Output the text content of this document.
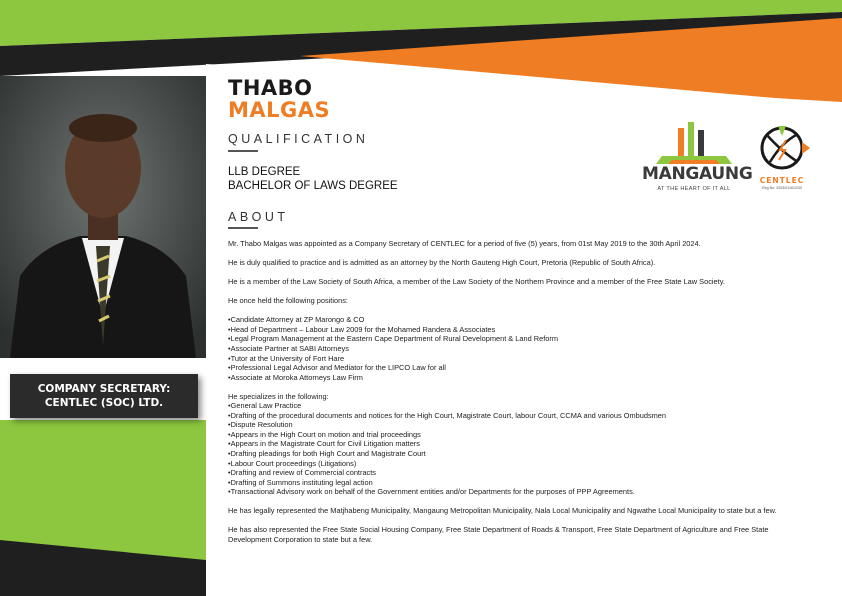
COMPANY SECRETARY:
CENTLEC (SOC) LTD.
THABO
MALGAS
QUALIFICATION
LLB DEGREE
BACHELOR OF LAWS DEGREE
ABOUT

Mr. Thabo Malgas was appointed as a Company Secretary of CENTLEC for a period of five (5) years, from 01st May 2019 to the 30th April 2024.

He is duly qualified to practice and is admitted as an attorney by the North Gauteng High Court, Pretoria (Republic of South Africa).

He is a member of the Law Society of South Africa, a member of the Law Society of the Northern Province and a member of the Free State Law Society.

He once held the following positions:

• Candidate Attorney at ZP Marongo & CO
• Head of Department – Labour Law 2009 for the Mohamed Randera & Associates
• Legal Program Management at the Eastern Cape Department of Rural Development & Land Reform
• Associate Partner at SABI Attorneys
• Tutor at the University of Fort Hare
• Professional Legal Advisor and Mediator for the LIPCO Law for all
• Associate at Moroka Attorneys Law Firm

He specializes in the following:

• General Law Practice
• Drafting of the procedural documents and notices for the High Court, Magistrate Court, labour Court, CCMA and various Ombudsmen
• Dispute Resolution
• Appears in the High Court on motion and trial proceedings
• Appears in the Magistrate Court for Civil Litigation matters
• Drafting pleadings for both High Court and Magistrate Court
• Labour Court proceedings (Litigations)
• Drafting and review of Commercial contracts
• Drafting of Summons instituting legal action
• Transactional Advisory work on behalf of the Government entities and/or Departments for the purposes of PPP Agreements.

He has legally represented the Matjhabeng Municipality, Mangaung Metropolitan Municipality, Nala Local Municipality and Ngwathe Local Municipality to state but a few.

He has also represented the Free State Social Housing Company, Free State Department of Roads & Transport, Free State Department of Agriculture and Free State Development Corporation to state but a few.

MANGAUNG
AT THE HEART OF IT ALL
CENTLEC
Reg No. 2003/011612/30
